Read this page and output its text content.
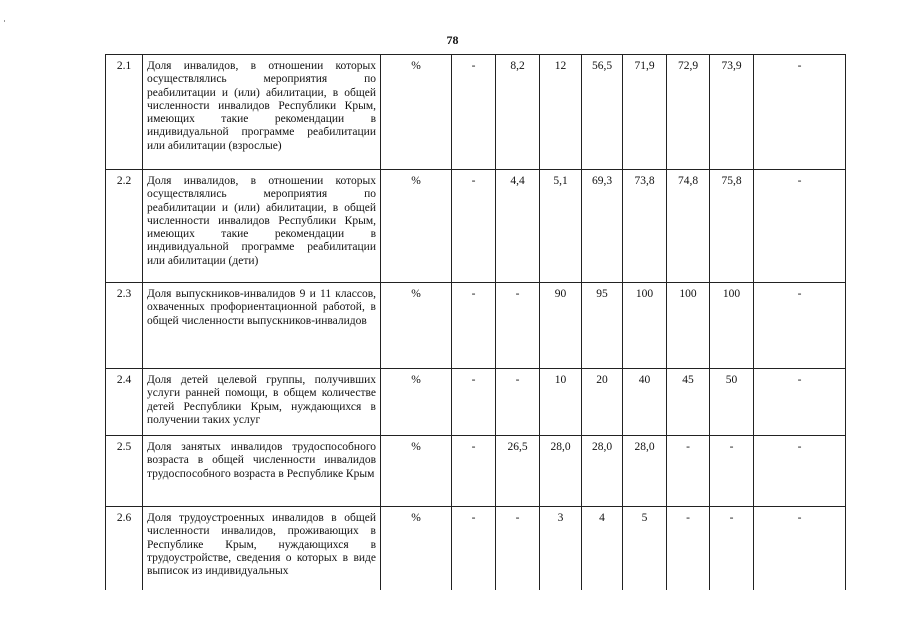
78
2.1	Доля инвалидов, в отношении которых осуществлялись мероприятия по реабилитации и (или) абилитации, в общей численности инвалидов Республики Крым, имеющих такие рекомендации в индивидуальной программе реабилитации или абилитации (взрослые)	%	-	8,2	12	56,5	71,9	72,9	73,9	-
2.2	Доля инвалидов, в отношении которых осуществлялись мероприятия по реабилитации и (или) абилитации, в общей численности инвалидов Республики Крым, имеющих такие рекомендации в индивидуальной программе реабилитации или абилитации (дети)	%	-	4,4	5,1	69,3	73,8	74,8	75,8	-
2.3	Доля выпускников-инвалидов 9 и 11 классов, охваченных профориентационной работой, в общей численности выпускников-инвалидов	%	-	-	90	95	100	100	100	-
2.4	Доля детей целевой группы, получивших услуги ранней помощи, в общем количестве детей Республики Крым, нуждающихся в получении таких услуг	%	-	-	10	20	40	45	50	-
2.5	Доля занятых инвалидов трудоспособного возраста в общей численности инвалидов трудоспособного возраста в Республике Крым	%	-	26,5	28,0	28,0	28,0	-	-	-
2.6	Доля трудоустроенных инвалидов в общей численности инвалидов, проживающих в Республике Крым, нуждающихся в трудоустройстве, сведения о которых в виде выписок из индивидуальных	%	-	-	3	4	5	-	-	-
